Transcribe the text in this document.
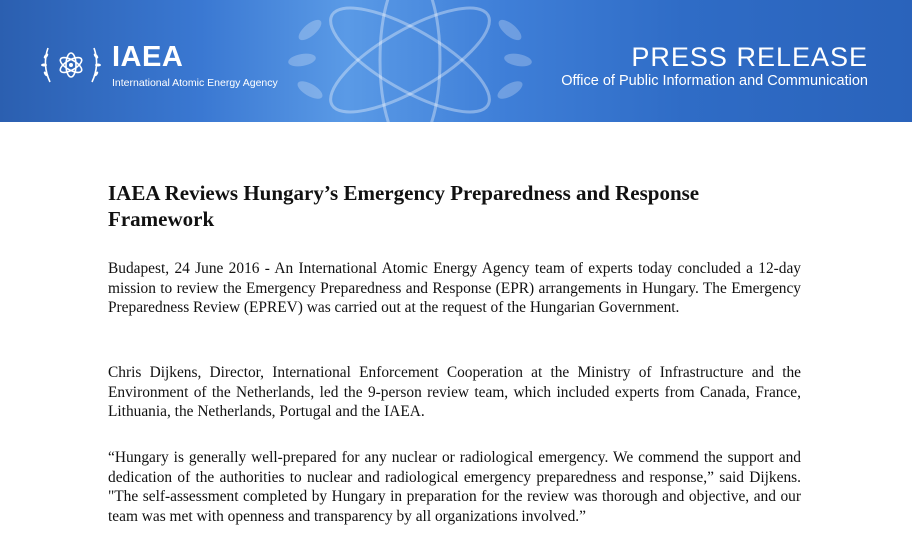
IAEA
International Atomic Energy Agency
PRESS RELEASE
Office of Public Information and Communication
IAEA Reviews Hungary’s Emergency Preparedness and Response Framework

Budapest, 24 June 2016 - An International Atomic Energy Agency team of experts today concluded a 12-day mission to review the Emergency Preparedness and Response (EPR) arrangements in Hungary. The Emergency Preparedness Review (EPREV) was carried out at the request of the Hungarian Government.

Chris Dijkens, Director, International Enforcement Cooperation at the Ministry of Infrastructure and the Environment of the Netherlands, led the 9-person review team, which included experts from Canada, France, Lithuania, the Netherlands, Portugal and the IAEA.

“Hungary is generally well-prepared for any nuclear or radiological emergency. We commend the support and dedication of the authorities to nuclear and radiological emergency preparedness and response,” said Dijkens. "The self-assessment completed by Hungary in preparation for the review was thorough and objective, and our team was met with openness and transparency by all organizations involved.”
